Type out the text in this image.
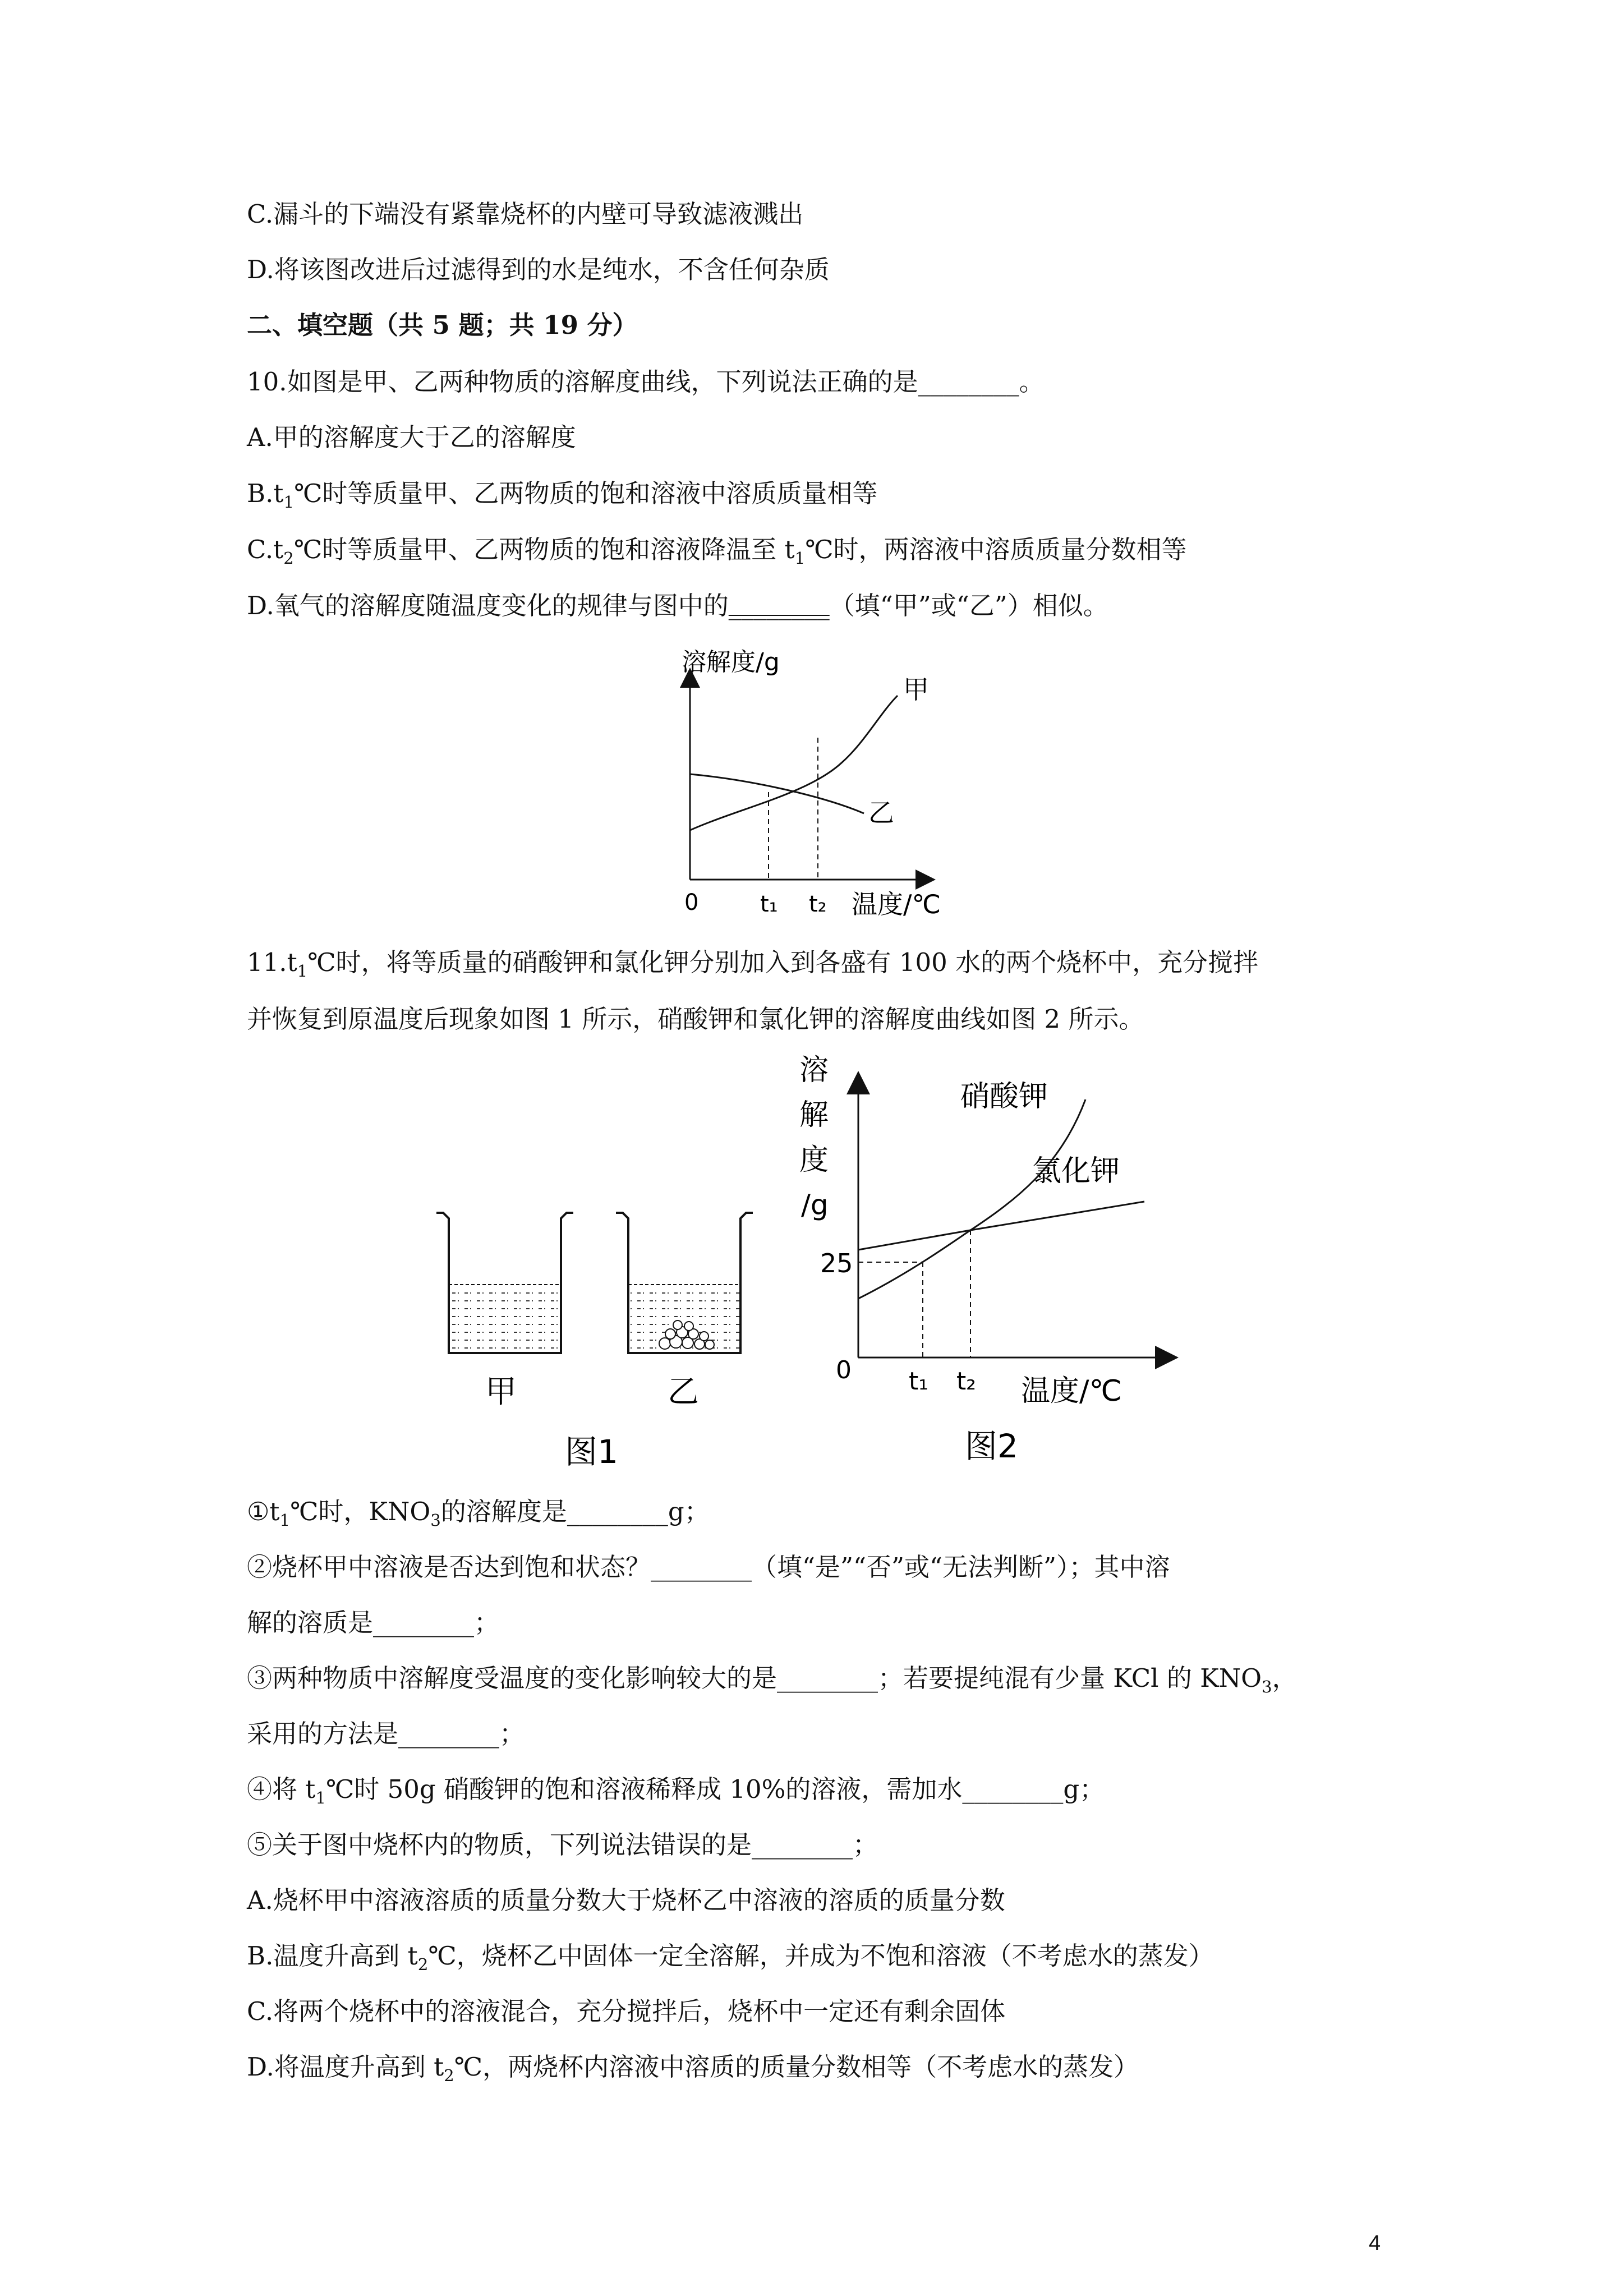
C.漏斗的下端没有紧靠烧杯的内壁可导致滤液溅出
D.将该图改进后过滤得到的水是纯水，不含任何杂质
二、填空题（共 5 题；共 19 分）
10.如图是甲、乙两种物质的溶解度曲线，下列说法正确的是________。
A.甲的溶解度大于乙的溶解度
$B.t_1℃$时等质量甲、乙两物质的饱和溶液中溶质质量相等
$C.t_2℃$时等质量甲、乙两物质的饱和溶液降温至 $t_1℃$时，两溶液中溶质质量分数相等
D.氧气的溶解度随温度变化的规律与图中的________（填“甲”或“乙”）相似。
溶解度/g
甲
乙
0	t₁ t₂ 温度/℃
$11.t_1℃$时，将等质量的硝酸钾和氯化钾分别加入到各盛有 100 水的两个烧杯中，充分搅拌
并恢复到原温度后现象如图 1 所示，硝酸钾和氯化钾的溶解度曲线如图 2 所示。
甲	乙
图1
溶
解
度
/g
25
硝酸钾
氯化钾
0 t₁ t₂ 温度/℃
图2
$①t_1℃$时，$KNO_3$的溶解度是________g；
②烧杯甲中溶液是否达到饱和状态？________（填“是”“否”或“无法判断”）；其中溶
解的溶质是________；
③两种物质中溶解度受温度的变化影响较大的是________；若要提纯混有少量 KCl 的 $KNO_3$，
采用的方法是________；
④将 $t_1℃$时 50g 硝酸钾的饱和溶液稀释成 10%的溶液，需加水________g；
⑤关于图中烧杯内的物质，下列说法错误的是________；
A.烧杯甲中溶液溶质的质量分数大于烧杯乙中溶液的溶质的质量分数
B.温度升高到 $t_2℃$，烧杯乙中固体一定全溶解，并成为不饱和溶液（不考虑水的蒸发）
C.将两个烧杯中的溶液混合，充分搅拌后，烧杯中一定还有剩余固体
D.将温度升高到 $t_2℃$，两烧杯内溶液中溶质的质量分数相等（不考虑水的蒸发）
4
